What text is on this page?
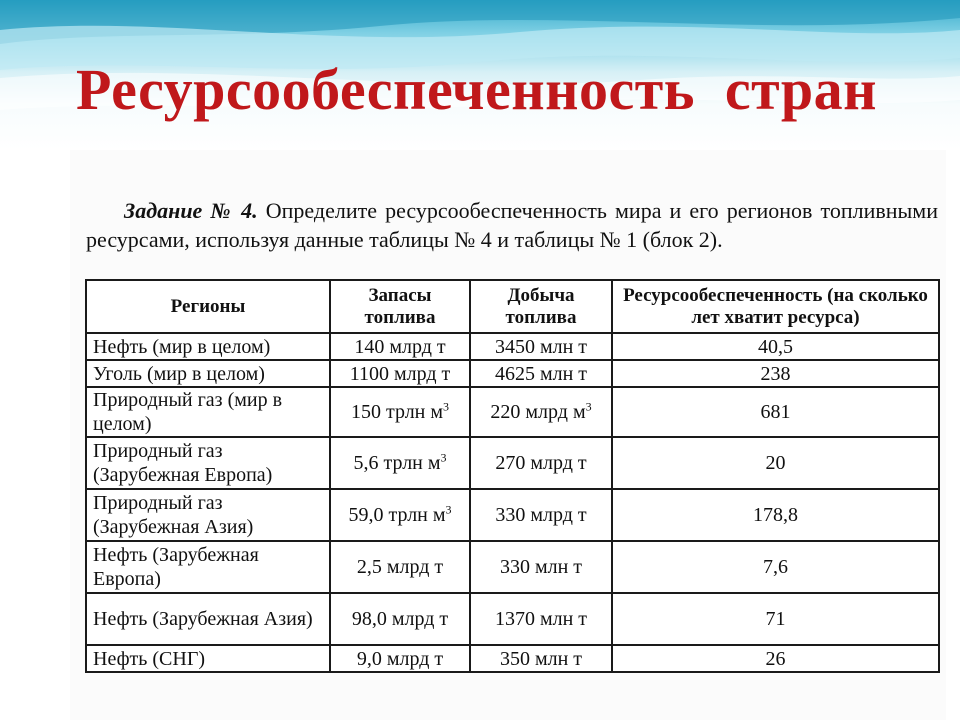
Ресурсообеспеченность  стран

Задание № 4. Определите ресурсообеспеченность мира и его регионов топливными ресурсами, используя данные таблицы № 4 и таблицы № 1 (блок 2).

Регионы	Запасы топлива	Добыча топлива	Ресурсообеспеченность (на сколько лет хватит ресурса)
Нефть (мир в целом)	140 млрд т	3450 млн т	40,5
Уголь (мир в целом)	1100 млрд т	4625 млн т	238
Природный газ (мир в целом)	150 трлн $м^3$	220 млрд $м^3$	681
Природный газ (Зарубежная Европа)	5,6 трлн $м^3$	270 млрд т	20
Природный газ (Зарубежная Азия)	59,0 трлн $м^3$	330 млрд т	178,8
Нефть (Зарубежная Европа)	2,5 млрд т	330 млн т	7,6
Нефть (Зарубежная Азия)	98,0 млрд т	1370 млн т	71
Нефть (СНГ)	9,0 млрд т	350 млн т	26
